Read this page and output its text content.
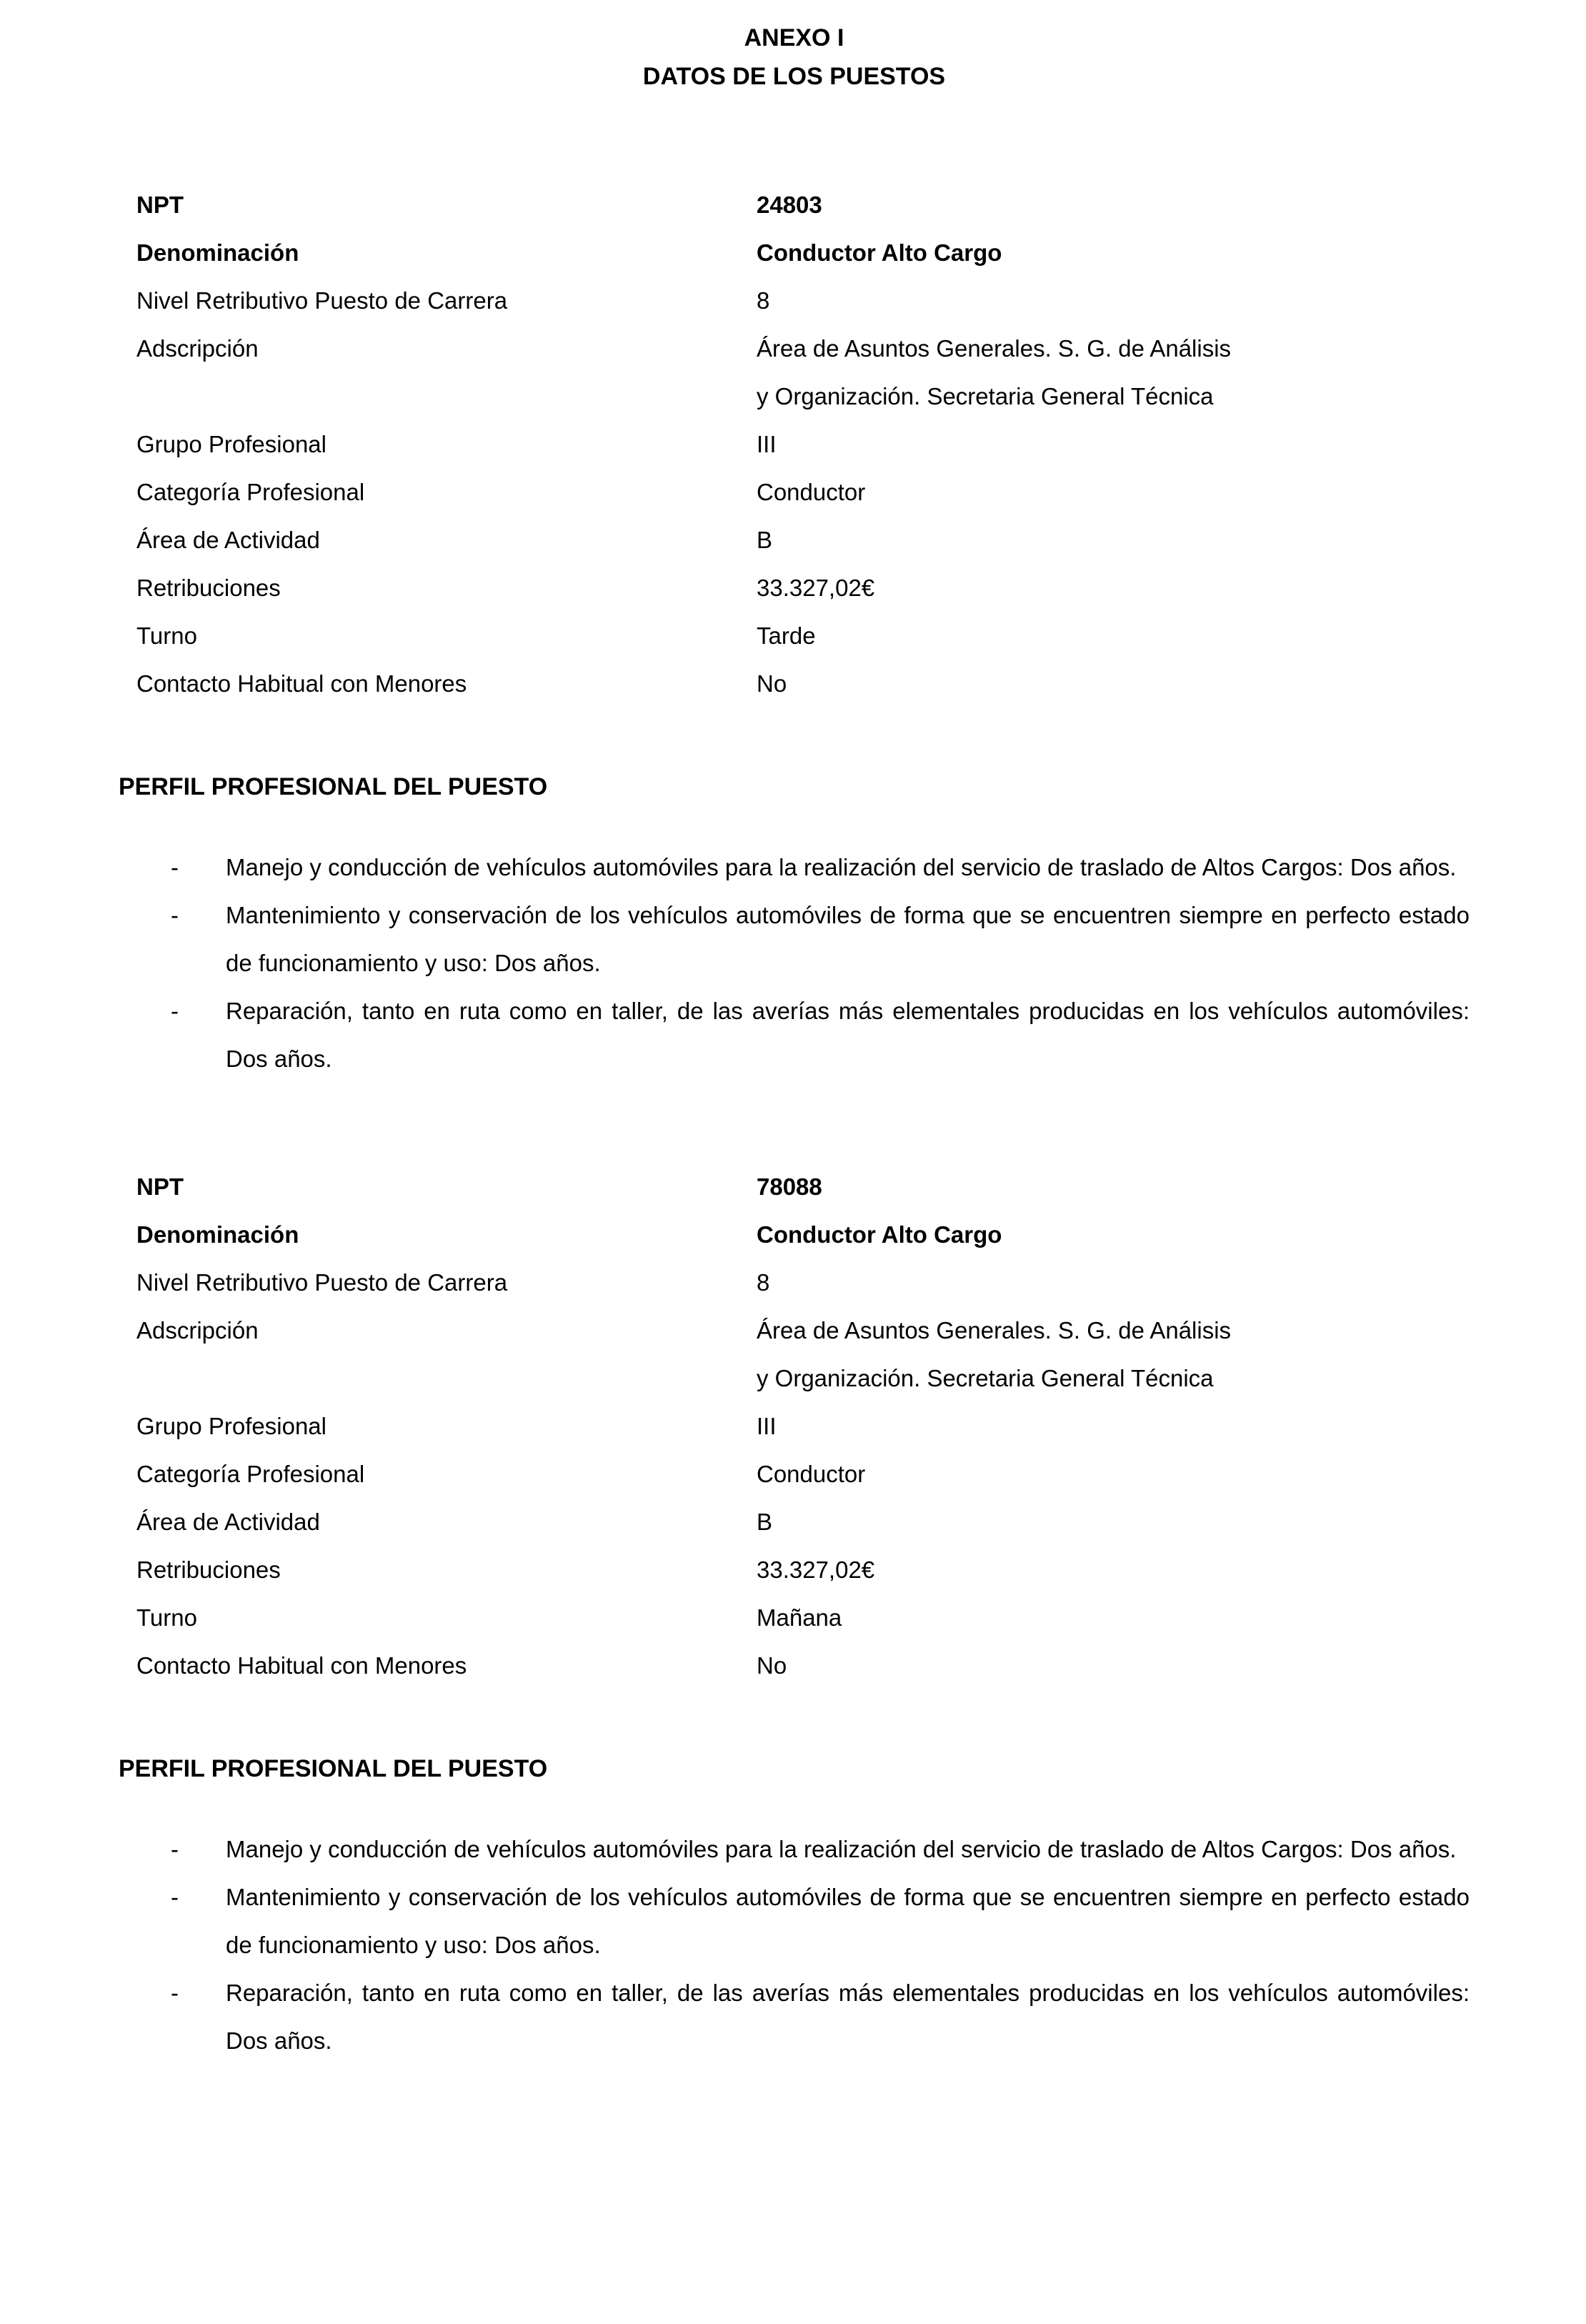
ANEXO I
DATOS DE LOS PUESTOS
NPT	24803
Denominación	Conductor Alto Cargo
Nivel Retributivo Puesto de Carrera	8
Adscripción	Área de Asuntos Generales. S. G. de Análisis
y Organización. Secretaria General Técnica
Grupo Profesional	III
Categoría Profesional	Conductor
Área de Actividad	B
Retribuciones	33.327,02€
Turno	Tarde
Contacto Habitual con Menores	No
PERFIL PROFESIONAL DEL PUESTO
-	Manejo y conducción de vehículos automóviles para la realización del servicio de traslado de Altos Cargos: Dos años.
-	Mantenimiento y conservación de los vehículos automóviles de forma que se encuentren siempre en perfecto estado de funcionamiento y uso: Dos años.
-	Reparación, tanto en ruta como en taller, de las averías más elementales producidas en los vehículos automóviles: Dos años.
NPT	78088
Denominación	Conductor Alto Cargo
Nivel Retributivo Puesto de Carrera	8
Adscripción	Área de Asuntos Generales. S. G. de Análisis
y Organización. Secretaria General Técnica
Grupo Profesional	III
Categoría Profesional	Conductor
Área de Actividad	B
Retribuciones	33.327,02€
Turno	Mañana
Contacto Habitual con Menores	No
PERFIL PROFESIONAL DEL PUESTO
-	Manejo y conducción de vehículos automóviles para la realización del servicio de traslado de Altos Cargos: Dos años.
-	Mantenimiento y conservación de los vehículos automóviles de forma que se encuentren siempre en perfecto estado de funcionamiento y uso: Dos años.
-	Reparación, tanto en ruta como en taller, de las averías más elementales producidas en los vehículos automóviles: Dos años.
